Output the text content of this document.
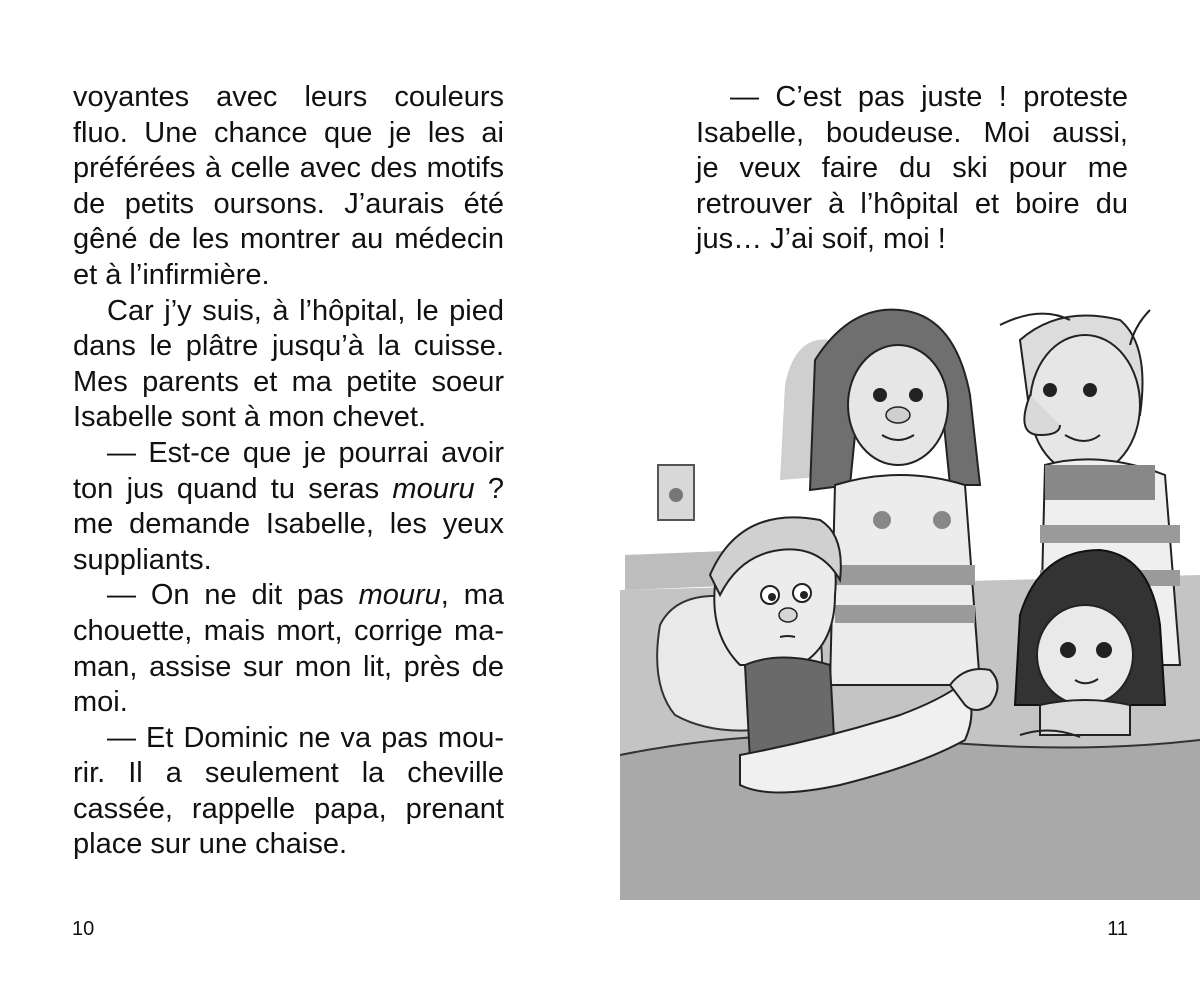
voyantes avec leurs couleurs
fluo. Une chance que je les ai
préférées à celle avec des motifs
de petits oursons. J’aurais été
gêné de les montrer au médecin
et à l’infirmière.
Car j’y suis, à l’hôpital, le pied
dans le plâtre jusqu’à la cuisse.
Mes parents et ma petite soeur
Isabelle sont à mon chevet.
— Est-ce que je pourrai avoir
ton jus quand tu seras mouru ?
me demande Isabelle, les yeux
suppliants.
— On ne dit pas mouru, ma
chouette, mais mort, corrige ma-
man, assise sur mon lit, près de
moi.
— Et Dominic ne va pas mou-
rir. Il a seulement la cheville
cassée, rappelle papa, prenant
place sur une chaise.
10
— C’est pas juste ! proteste
Isabelle, boudeuse. Moi aussi,
je veux faire du ski pour me
retrouver à l’hôpital et boire du
jus… J’ai soif, moi !
11
